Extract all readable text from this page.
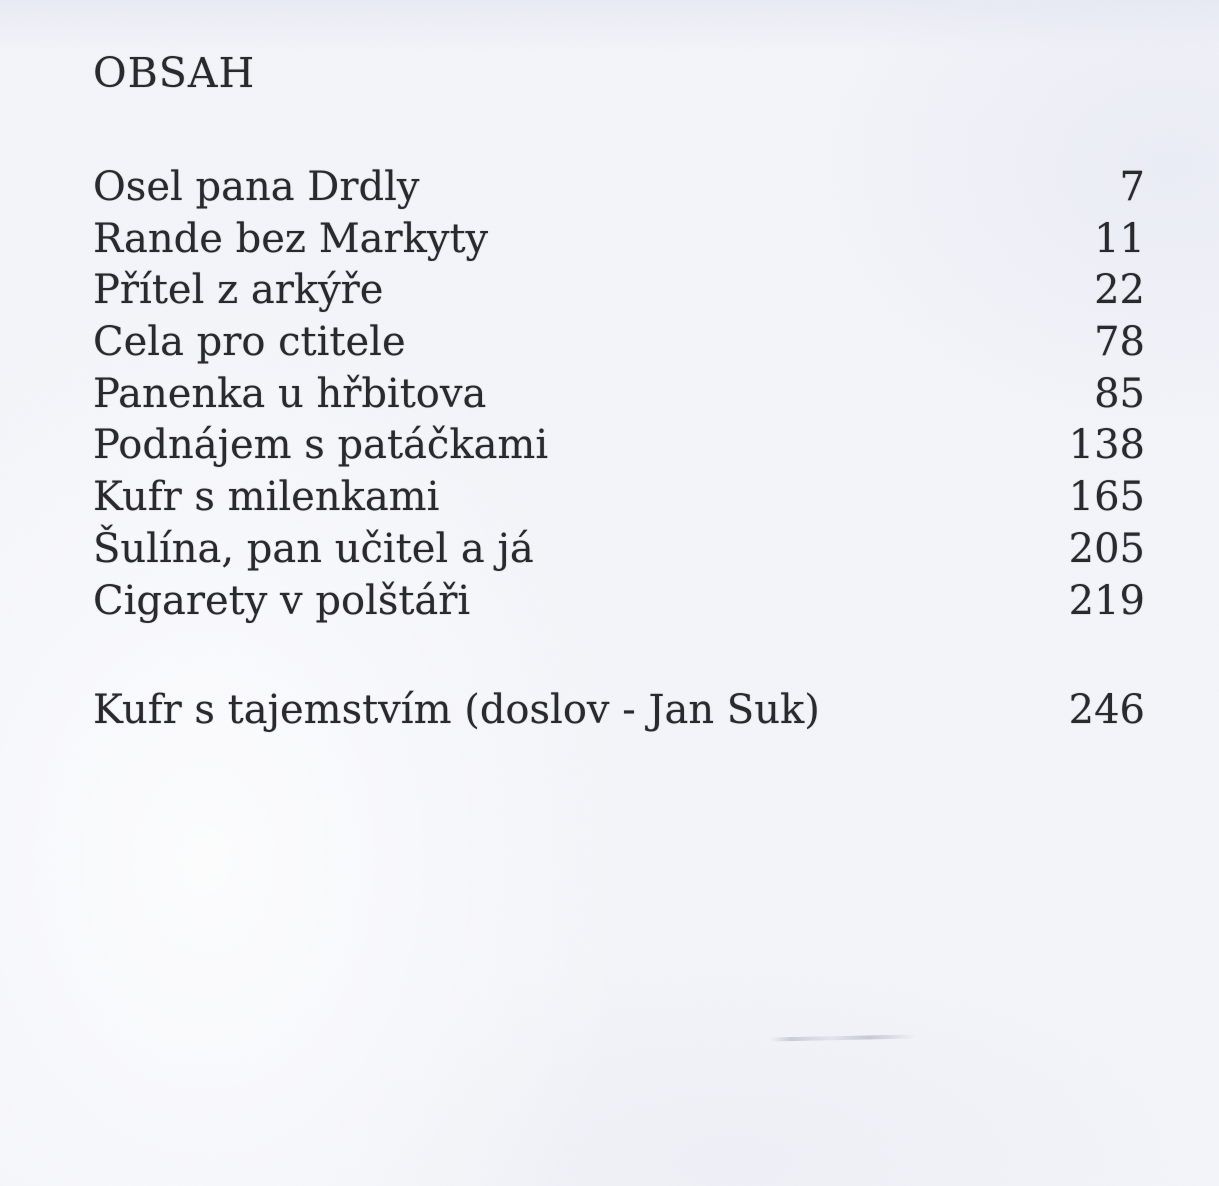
OBSAH
Osel pana Drdly	7
Rande bez Markyty	11
Přítel z arkýře	22
Cela pro ctitele	78
Panenka u hřbitova	85
Podnájem s patáčkami	138
Kufr s milenkami	165
Šulína, pan učitel a já	205
Cigarety v polštáři	219
Kufr s tajemstvím (doslov - Jan Suk)	246
